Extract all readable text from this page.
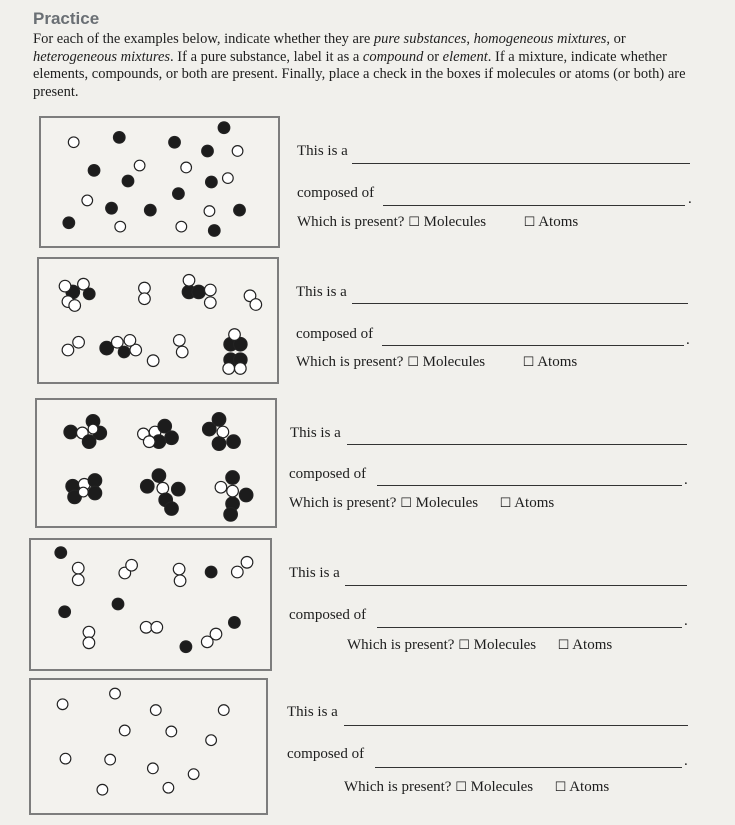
Practice
For each of the examples below, indicate whether they are pure substances, homogeneous mixtures, or heterogeneous mixtures. If a pure substance, label it as a compound or element. If a mixture, indicate whether elements, compounds, or both are present. Finally, place a check in the boxes if molecules or atoms (or both) are present.
This is a
composed of	.
Which is present? ☐ Molecules	☐ Atoms
This is a
composed of	.
Which is present? ☐ Molecules	☐ Atoms
This is a
composed of	.
Which is present? ☐ Molecules ☐ Atoms
This is a
composed of	.
Which is present? ☐ Molecules ☐ Atoms
This is a
composed of	.
Which is present? ☐ Molecules ☐ Atoms
